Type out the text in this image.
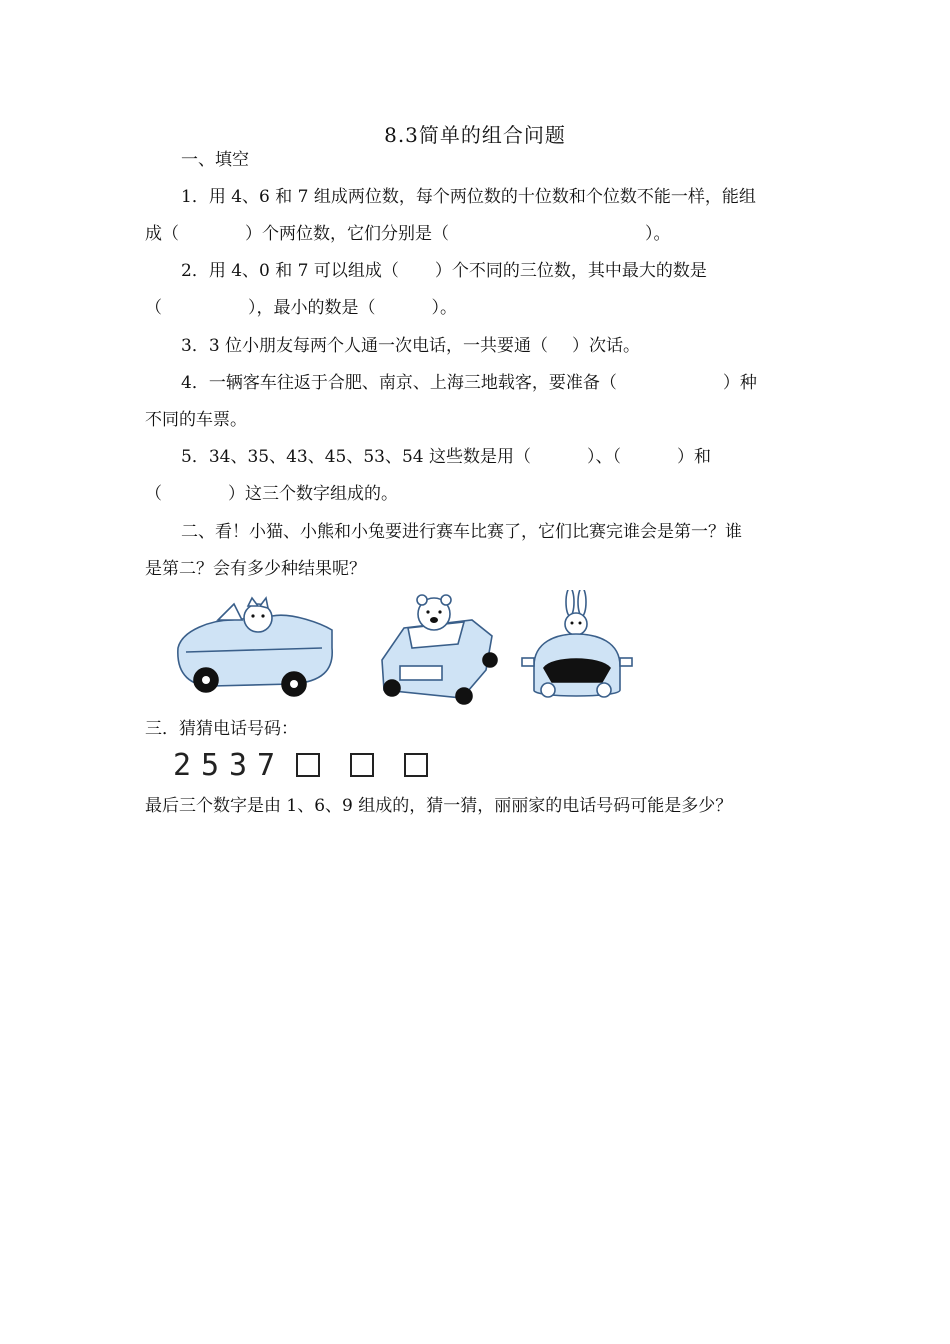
8.3简单的组合问题
一、填空
1．用 4、6 和 7 组成两位数，每个两位数的十位数和个位数不能一样，能组
成（	）个两位数，它们分别是（	）。
2．用 4、0 和 7 可以组成（ ）个不同的三位数，其中最大的数是
（	），最小的数是（	）。
3．3 位小朋友每两个人通一次电话，一共要通（ ）次话。
4．一辆客车往返于合肥、南京、上海三地载客，要准备（	）种
不同的车票。
5．34、35、43、45、53、54 这些数是用（	）、（	）和
（	）这三个数字组成的。
二、看！小猫、小熊和小兔要进行赛车比赛了，它们比赛完谁会是第一？谁
是第二？会有多少种结果呢？
三．猜猜电话号码：
2 5 3 7
最后三个数字是由 1、6、9 组成的，猜一猜，丽丽家的电话号码可能是多少？
